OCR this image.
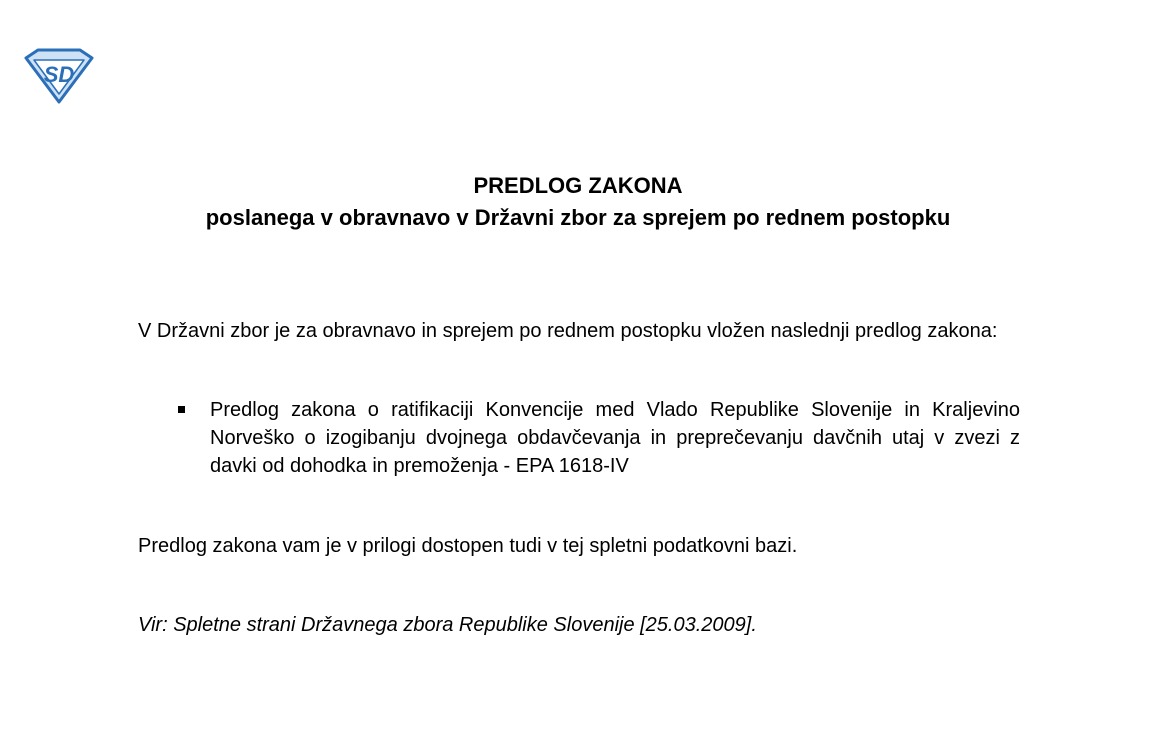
SD
PREDLOG ZAKONA
poslanega v obravnavo v Državni zbor za sprejem po rednem postopku

V Državni zbor je za obravnavo in sprejem po rednem postopku vložen naslednji predlog zakona:

Predlog zakona o ratifikaciji Konvencije med Vlado Republike Slovenije in Kraljevino Norveško o izogibanju dvojnega obdavčevanja in preprečevanju davčnih utaj v zvezi z davki od dohodka in premoženja - EPA 1618-IV

Predlog zakona vam je v prilogi dostopen tudi v tej spletni podatkovni bazi.

Vir: Spletne strani Državnega zbora Republike Slovenije [25.03.2009].
